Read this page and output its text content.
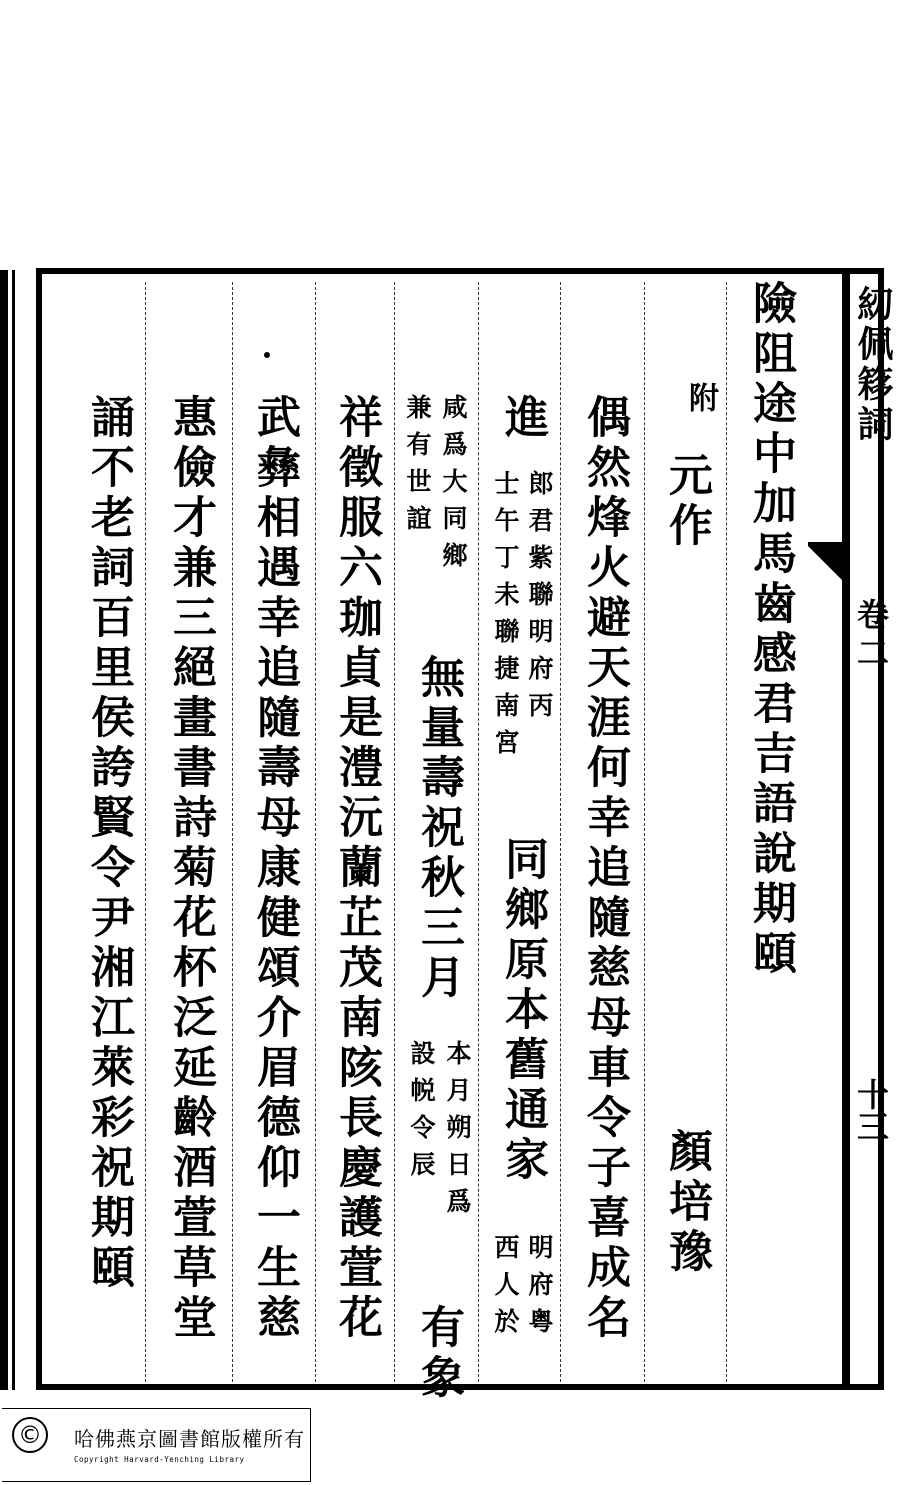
紉佩簃詞
卷二
十三
險阻途中加馬齒感君吉語說期頤
附
元作
顏培豫
偶然烽火避天涯何幸追隨慈母車令子喜成名
進
郎君紫聯明府丙
士午丁未聯捷南宮
同鄉原本舊通家
明府粤
西人於
咸爲大同鄉
兼有世誼
無量壽祝秋三月
本月朔日爲
設帨令辰
有象
祥徵服六珈貞是澧沅蘭芷茂南陔長慶護萱花
武彝相遇幸追隨壽母康健頌介眉德仰一生慈
惠儉才兼三絕畫書詩菊花杯泛延齡酒萱草堂
誦不老詞百里侯誇賢令尹湘江萊彩祝期頤
©	哈佛燕京圖書館版權所有
Copyright Harvard-Yenching Library
